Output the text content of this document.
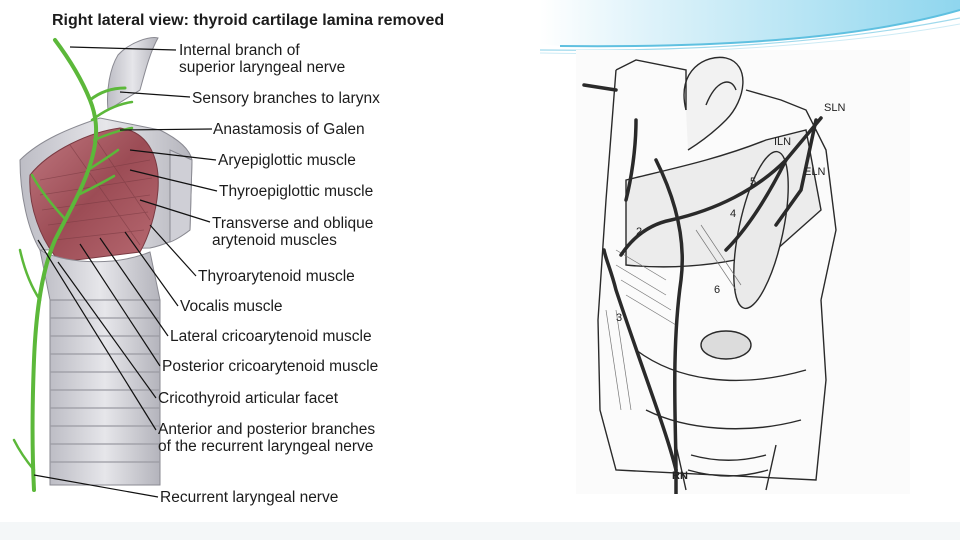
Right lateral view: thyroid cartilage lamina removed
Internal branch of
superior laryngeal nerve
Sensory branches to larynx
Anastamosis of Galen
Aryepiglottic muscle
Thyroepiglottic muscle
Transverse and oblique
arytenoid muscles
Thyroarytenoid muscle
Vocalis muscle
Lateral cricoarytenoid muscle
Posterior cricoarytenoid muscle
Cricothyroid articular facet
Anterior and posterior branches
of the recurrent laryngeal nerve
Recurrent laryngeal nerve
SLN
ILN
ELN
5
4
2
6
3
RN
